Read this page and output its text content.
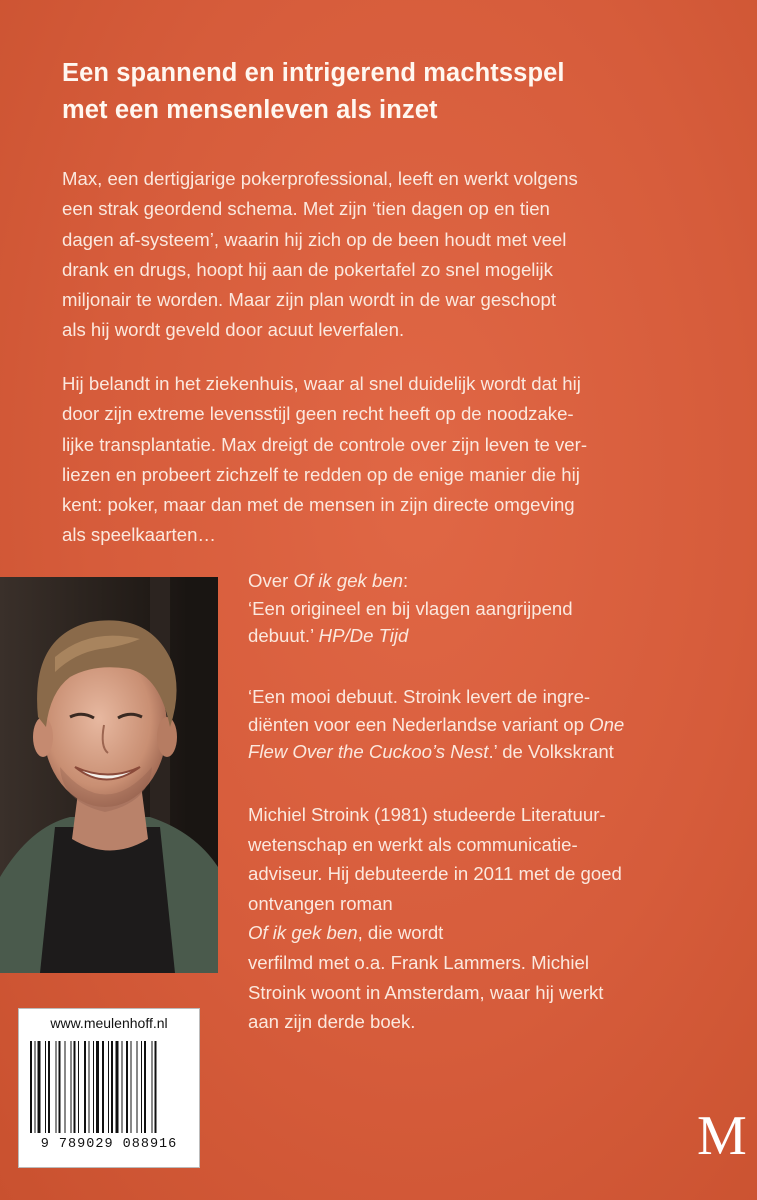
Een spannend en intrigerend machtsspel
met een mensenleven als inzet
Max, een dertigjarige pokerprofessional, leeft en werkt volgens
een strak geordend schema. Met zijn ‘tien dagen op en tien
dagen af-systeem’, waarin hij zich op de been houdt met veel
drank en drugs, hoopt hij aan de pokertafel zo snel mogelijk
miljonair te worden. Maar zijn plan wordt in de war geschopt
als hij wordt geveld door acuut leverfalen.
Hij belandt in het ziekenhuis, waar al snel duidelijk wordt dat hij
door zijn extreme levensstijl geen recht heeft op de noodzake-
lijke transplantatie. Max dreigt de controle over zijn leven te ver-
liezen en probeert zichzelf te redden op de enige manier die hij
kent: poker, maar dan met de mensen in zijn directe omgeving
als speelkaarten…
Over Of ik gek ben:
‘Een origineel en bij vlagen aangrijpend
debuut.’ HP/De Tijd
‘Een mooi debuut. Stroink levert de ingre-
diënten voor een Nederlandse variant op One
Flew Over the Cuckoo’s Nest.’ de Volkskrant
Michiel Stroink (1981) studeerde Literatuur-
wetenschap en werkt als communicatie-
adviseur. Hij debuteerde in 2011 met de goed
ontvangen roman
Of ik gek ben, die wordt
verfilmd met o.a. Frank Lammers. Michiel
Stroink woont in Amsterdam, waar hij werkt
aan zijn derde boek.
www.meulenhoff.nl
9 789029 088916	M
